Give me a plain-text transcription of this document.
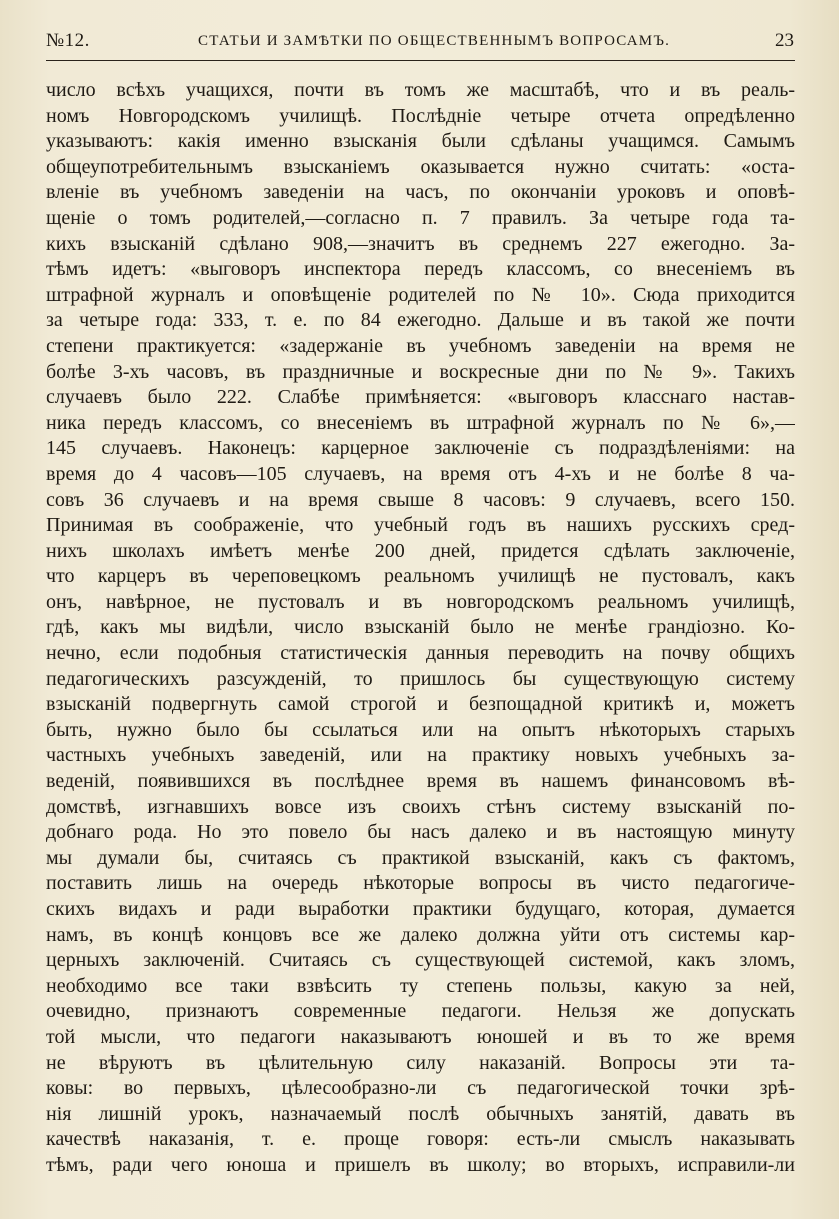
№12.	СТАТЬИ И ЗАМѢТКИ ПО ОБЩЕСТВЕННЫМЪ ВОПРОСАМЪ.	23
число всѣхъ учащихся, почти въ томъ же масштабѣ, что и въ реаль-
номъ Новгородскомъ училищѣ. Послѣдніе четыре отчета опредѣленно
указываютъ: какія именно взысканія были сдѣланы учащимся. Самымъ
общеупотребительнымъ взысканіемъ оказывается нужно считать: «оста-
вленіе въ учебномъ заведеніи на часъ, по окончаніи уроковъ и оповѣ-
щеніе о томъ родителей,—согласно п. 7 правилъ. За четыре года та-
кихъ взысканій сдѣлано 908,—значитъ въ среднемъ 227 ежегодно. За-
тѣмъ идетъ: «выговоръ инспектора передъ классомъ, со внесеніемъ въ
штрафной журналъ и оповѣщеніе родителей по № 10». Сюда приходится
за четыре года: 333, т. е. по 84 ежегодно. Дальше и въ такой же почти
степени практикуется: «задержаніе въ учебномъ заведеніи на время не
болѣе 3-хъ часовъ, въ праздничные и воскресные дни по № 9». Такихъ
случаевъ было 222. Слабѣе примѣняется: «выговоръ класснаго настав-
ника передъ классомъ, со внесеніемъ въ штрафной журналъ по № 6»,—
145 случаевъ. Наконецъ: карцерное заключеніе съ подраздѣленіями: на
время до 4 часовъ—105 случаевъ, на время отъ 4-хъ и не болѣе 8 ча-
совъ 36 случаевъ и на время свыше 8 часовъ: 9 случаевъ, всего 150.
Принимая въ соображеніе, что учебный годъ въ нашихъ русскихъ сред-
нихъ школахъ имѣетъ менѣе 200 дней, придется сдѣлать заключеніе,
что карцеръ въ череповецкомъ реальномъ училищѣ не пустовалъ, какъ
онъ, навѣрное, не пустовалъ и въ новгородскомъ реальномъ училищѣ,
гдѣ, какъ мы видѣли, число взысканій было не менѣе грандіозно. Ко-
нечно, если подобныя статистическія данныя переводить на почву общихъ
педагогическихъ разсужденій, то пришлось бы существующую систему
взысканій подвергнуть самой строгой и безпощадной критикѣ и, можетъ
быть, нужно было бы ссылаться или на опытъ нѣкоторыхъ старыхъ
частныхъ учебныхъ заведеній, или на практику новыхъ учебныхъ за-
веденій, появившихся въ послѣднее время въ нашемъ финансовомъ вѣ-
домствѣ, изгнавшихъ вовсе изъ своихъ стѣнъ систему взысканій по-
добнаго рода. Но это повело бы насъ далеко и въ настоящую минуту
мы думали бы, считаясь съ практикой взысканій, какъ съ фактомъ,
поставить лишь на очередь нѣкоторые вопросы въ чисто педагогиче-
скихъ видахъ и ради выработки практики будущаго, которая, думается
намъ, въ концѣ концовъ все же далеко должна уйти отъ системы кар-
церныхъ заключеній. Считаясь съ существующей системой, какъ зломъ,
необходимо все таки взвѣсить ту степень пользы, какую за ней,
очевидно, признаютъ современные педагоги. Нельзя же допускать
той мысли, что педагоги наказываютъ юношей и въ то же время
не вѣруютъ въ цѣлительную силу наказаній. Вопросы эти та-
ковы: во первыхъ, цѣлесообразно-ли съ педагогической точки зрѣ-
нія лишній урокъ, назначаемый послѣ обычныхъ занятій, давать въ
качествѣ наказанія, т. е. проще говоря: есть-ли смыслъ наказывать
тѣмъ, ради чего юноша и пришелъ въ школу; во вторыхъ, исправили-ли
